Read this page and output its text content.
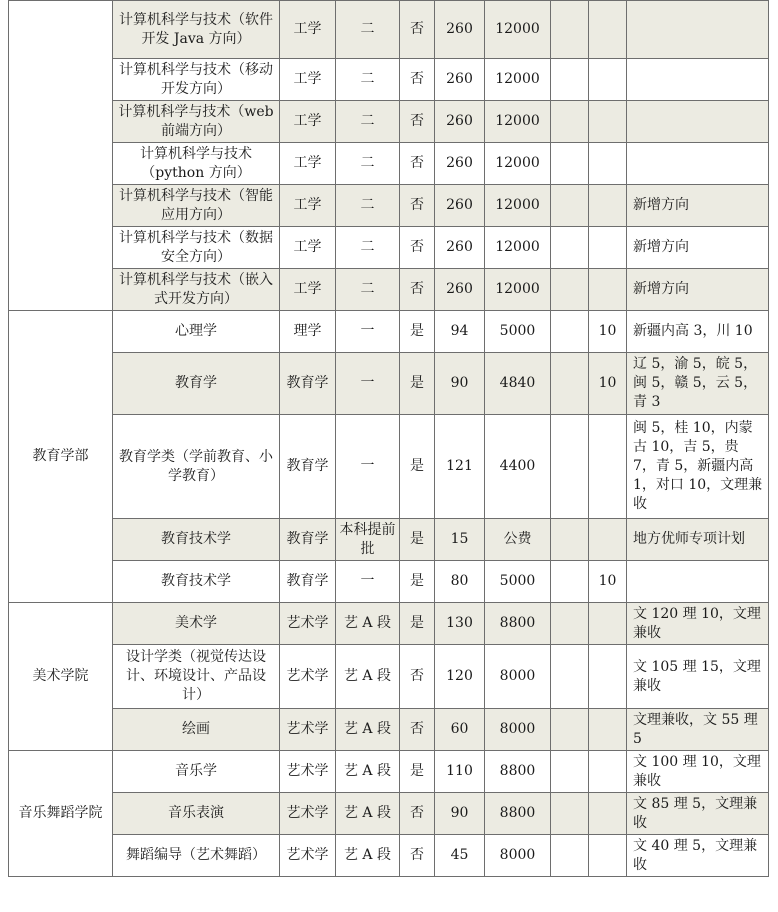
	计算机科学与技术（软件开发 Java 方向）	工学	二	否	260	12000			
	计算机科学与技术（移动开发方向）	工学	二	否	260	12000			
	计算机科学与技术（web 前端方向）	工学	二	否	260	12000			
	计算机科学与技术（python 方向）	工学	二	否	260	12000			
	计算机科学与技术（智能应用方向）	工学	二	否	260	12000			新增方向
	计算机科学与技术（数据安全方向）	工学	二	否	260	12000			新增方向
	计算机科学与技术（嵌入式开发方向）	工学	二	否	260	12000			新增方向
教育学部	心理学	理学	一	是	94	5000		10	新疆内高 3，川 10
	教育学	教育学	一	是	90	4840		10	辽 5，渝 5，皖 5，闽 5，赣 5，云 5，青 3
	教育学类（学前教育、小学教育）	教育学	一	是	121	4400			闽 5，桂 10，内蒙古 10，吉 5，贵 7，青 5，新疆内高 1，对口 10，文理兼收
	教育技术学	教育学	本科提前批	是	15	公费			地方优师专项计划
	教育技术学	教育学	一	是	80	5000		10	
美术学院	美术学	艺术学	艺 A 段	是	130	8800			文 120 理 10，文理兼收
	设计学类（视觉传达设计、环境设计、产品设计）	艺术学	艺 A 段	否	120	8000			文 105 理 15，文理兼收
	绘画	艺术学	艺 A 段	否	60	8000			文理兼收，文 55 理 5
音乐舞蹈学院	音乐学	艺术学	艺 A 段	是	110	8800			文 100 理 10，文理兼收
	音乐表演	艺术学	艺 A 段	否	90	8800			文 85 理 5，文理兼收
	舞蹈编导（艺术舞蹈）	艺术学	艺 A 段	否	45	8000			文 40 理 5，文理兼收
